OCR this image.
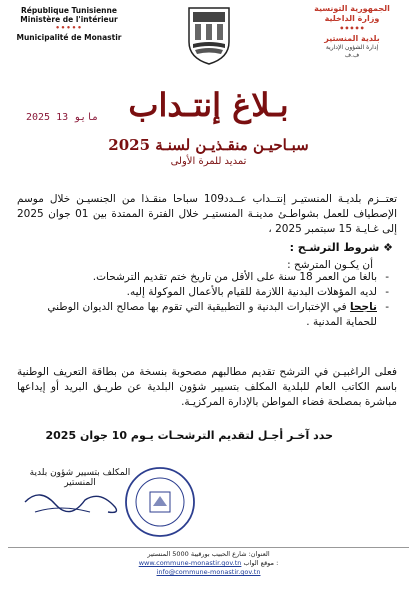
République Tunisienne
Ministère de l'intérieur
•••••
Municipalité de Monastir
الجمهورية التونسية
وزارة الداخلية
•••••
بلدية المنستير
إدارة الشؤون الإدارية
ف.ف
2025 مايو 13 بـلاغ إنتـداب
سبـاحيـن منقـذيـن لسنـة 2025
تمديد للمرة الأولى
تعتــزم بلديـة المنستيـر إنتــداب عــدد109 سباحا منقـذا من الجنسيـن خلال موسم الإصطياف للعمل بشواطـئ مدينـة المنستيـر خلال الفترة الممتدة بين 01 جوان 2025 إلى غـايـة 15 سبتمبر 2025 ،
❖ شروط الترشـح :
أن يكـون المترشح :
- بالغا من العمر 18 سنة على الأقل من تاريخ ختم تقديم الترشحات.
- لديه المؤهلات البدنية اللازمة للقيام بالأعمال الموكولة إليه.
- ناجحا في الإختبارات البدنية و التطبيقية التي تقوم بها مصالح الديوان الوطني للحماية المدنية .
فعلى الراغبيـن في الترشح تقديم مطالبهم مصحوبة بنسخة من بطاقة التعريف الوطنية باسم الكاتب العام للبلدية المكلف بتسيير شؤون البلدية عن طريـق البريد أو إيداعها مباشرة بمصلحة فضاء المواطن بالإدارة المركزيـة.
حدد آخـر أجـل لتقديم الترشحـات يـوم 10 جوان 2025
المكلف بتسيير شؤون بلدية المنستير
العنوان: شارع الحبيب بورقيبة 5000 المنستير
www.commune-monastir.gov.tn موقع الواب :
info@commune-monastir.gov.tn
